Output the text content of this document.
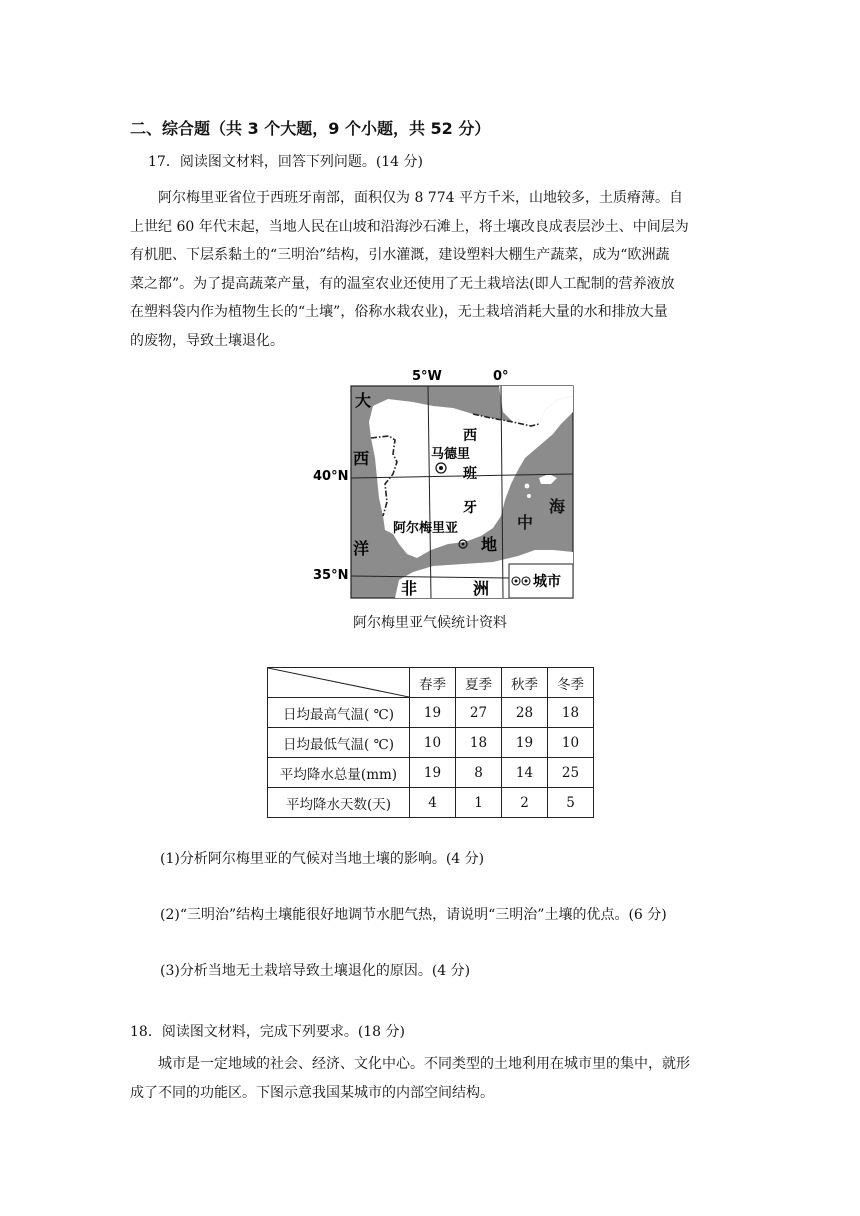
二、综合题（共 3 个大题，9 个小题，共 52 分）
17．阅读图文材料，回答下列问题。(14 分)
阿尔梅里亚省位于西班牙南部，面积仅为 8 774 平方千米，山地较多，土质瘠薄。自
上世纪 60 年代末起，当地人民在山坡和沿海沙石滩上，将土壤改良成表层沙土、中间层为
有机肥、下层系黏土的“三明治”结构，引水灌溉，建设塑料大棚生产蔬菜，成为“欧洲蔬
菜之都”。为了提高蔬菜产量，有的温室农业还使用了无土栽培法(即人工配制的营养液放
在塑料袋内作为植物生长的“土壤”，俗称水栽农业)，无土栽培消耗大量的水和排放大量
的废物，导致土壤退化。
5°W	0°
40°N
35°N
大
西
洋
西
班
牙
马德里
阿尔梅里亚
地
中
海
非	洲	城市
阿尔梅里亚气候统计资料
	春季	夏季	秋季	冬季
日均最高气温( ℃)	19	27	28	18
日均最低气温( ℃)	10	18	19	10
平均降水总量(mm)	19	8	14	25
平均降水天数(天)	4	1	2	5
(1)分析阿尔梅里亚的气候对当地土壤的影响。(4 分)
(2)“三明治”结构土壤能很好地调节水肥气热，请说明“三明治”土壤的优点。(6 分)
(3)分析当地无土栽培导致土壤退化的原因。(4 分)
18．阅读图文材料，完成下列要求。(18 分)
城市是一定地域的社会、经济、文化中心。不同类型的土地利用在城市里的集中，就形
成了不同的功能区。下图示意我国某城市的内部空间结构。
